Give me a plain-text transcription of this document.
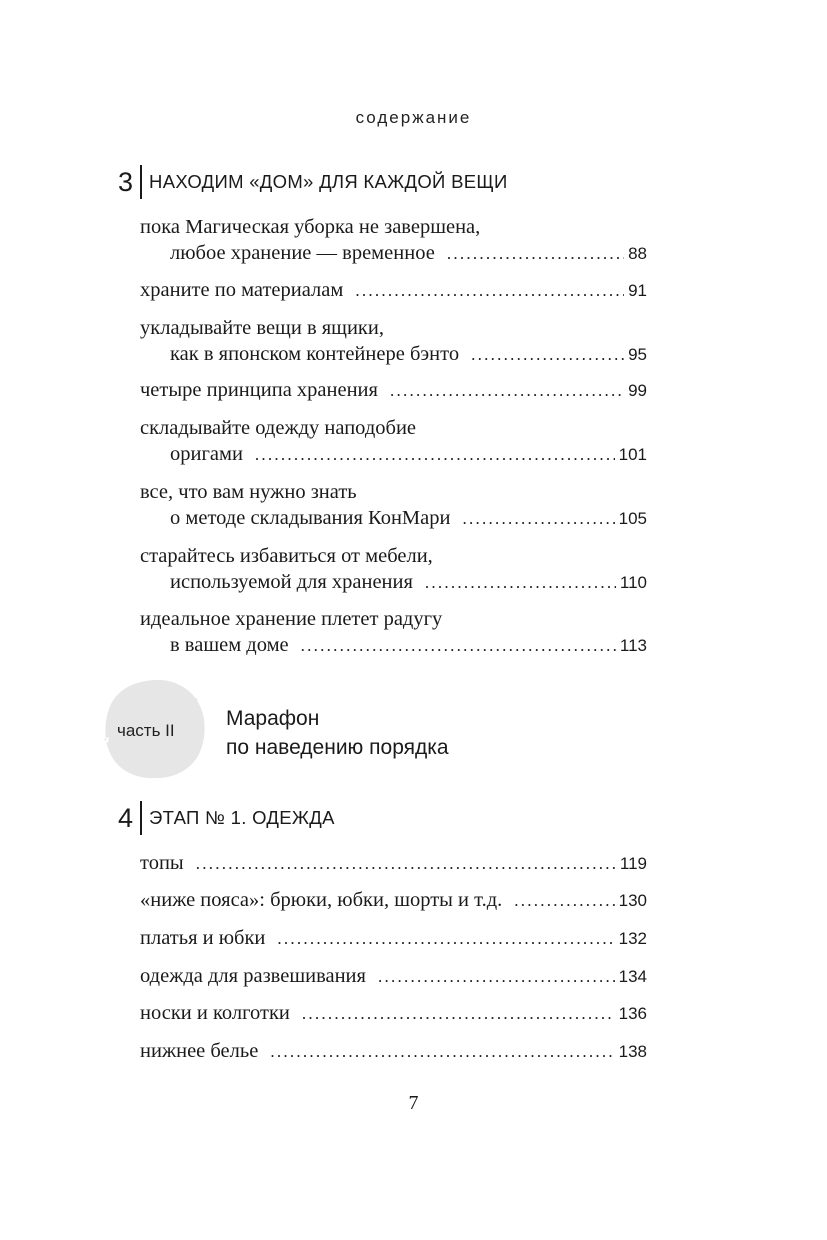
содержание
3 НАХОДИМ «ДОМ» ДЛЯ КАЖДОЙ ВЕЩИ
пока Магическая уборка не завершена,
любое хранение — временное . . .	88
храните по материалам . . .	91
укладывайте вещи в ящики,
как в японском контейнере бэнто . . .	95
четыре принципа хранения . . .	99
складывайте одежду наподобие
оригами . . .	101
все, что вам нужно знать
о методе складывания КонМари . . .	105
старайтесь избавиться от мебели,
используемой для хранения . . .	110
идеальное хранение плетет радугу
в вашем доме . . .	113
часть II
Марафон
по наведению порядка
4 ЭТАП № 1. ОДЕЖДА
топы . . .	119
«ниже пояса»: брюки, юбки, шорты и т.д. . . .	130
платья и юбки . . .	132
одежда для развешивания . . .	134
носки и колготки . . .	136
нижнее белье . . .	138
7
